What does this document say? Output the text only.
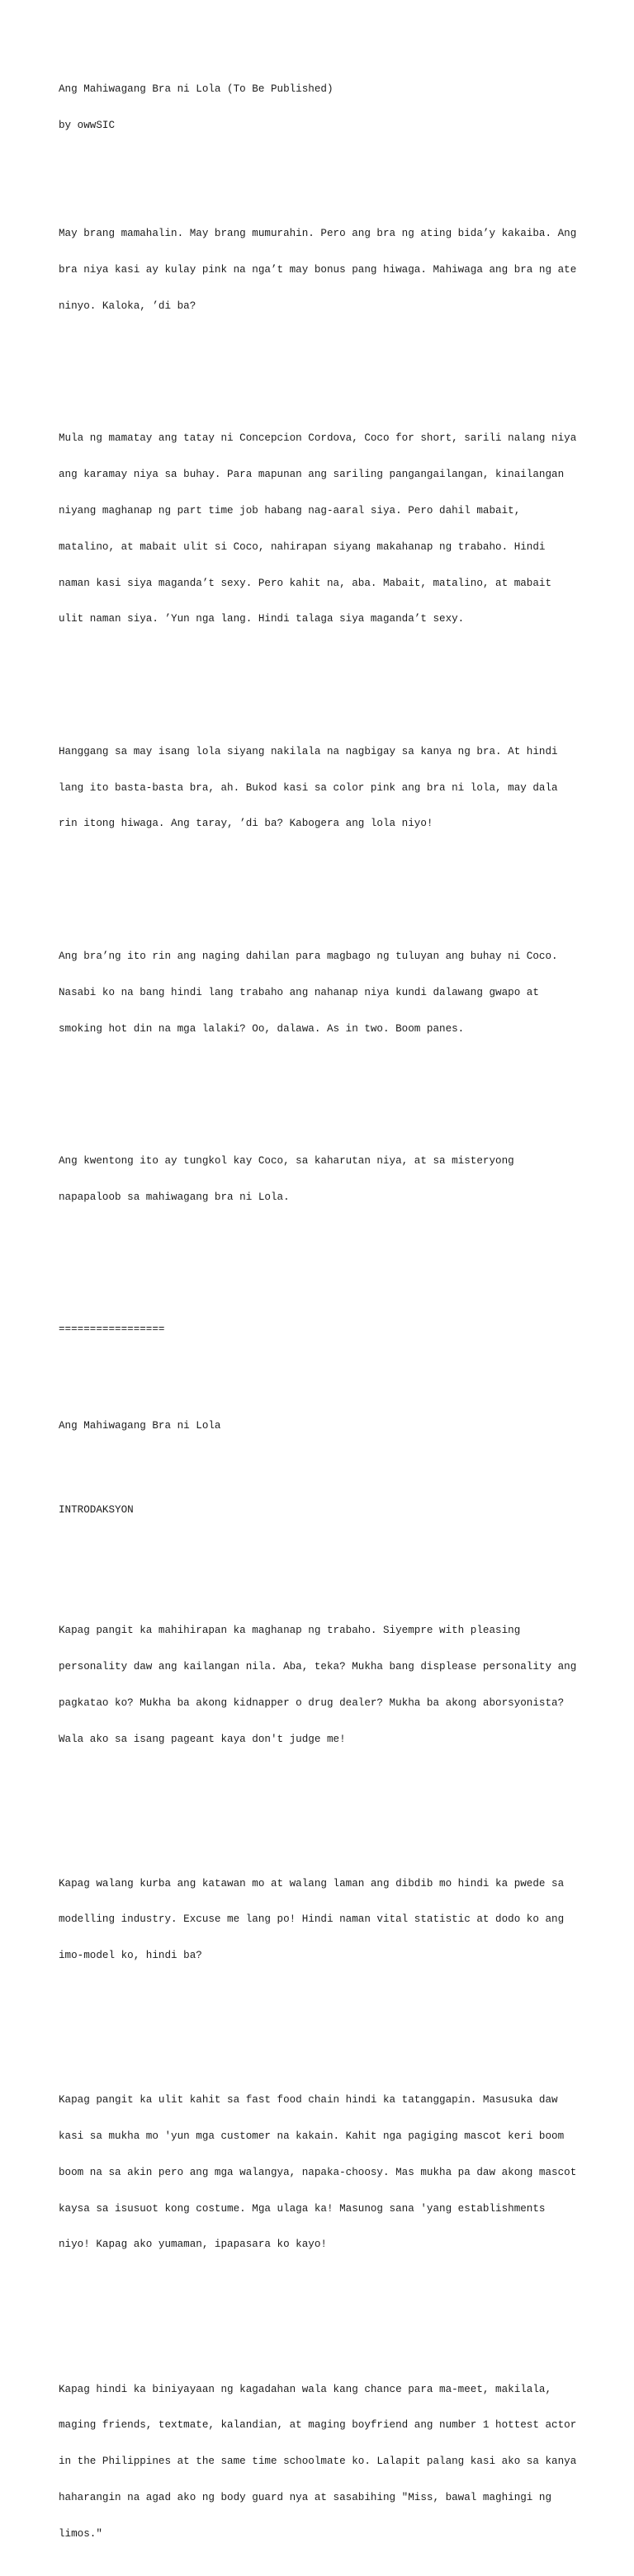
Ang Mahiwagang Bra ni Lola (To Be Published)

by owwSIC

May brang mamahalin. May brang mumurahin. Pero ang bra ng ating bida’y kakaiba. Ang

bra niya kasi ay kulay pink na nga’t may bonus pang hiwaga. Mahiwaga ang bra ng ate

ninyo. Kaloka, ’di ba?

Mula ng mamatay ang tatay ni Concepcion Cordova, Coco for short, sarili nalang niya

ang karamay niya sa buhay. Para mapunan ang sariling pangangailangan, kinailangan

niyang maghanap ng part time job habang nag-aaral siya. Pero dahil mabait,

matalino, at mabait ulit si Coco, nahirapan siyang makahanap ng trabaho. Hindi

naman kasi siya maganda’t sexy. Pero kahit na, aba. Mabait, matalino, at mabait

ulit naman siya. ’Yun nga lang. Hindi talaga siya maganda’t sexy.

Hanggang sa may isang lola siyang nakilala na nagbigay sa kanya ng bra. At hindi

lang ito basta-basta bra, ah. Bukod kasi sa color pink ang bra ni lola, may dala

rin itong hiwaga. Ang taray, ’di ba? Kabogera ang lola niyo!

Ang bra’ng ito rin ang naging dahilan para magbago ng tuluyan ang buhay ni Coco.

Nasabi ko na bang hindi lang trabaho ang nahanap niya kundi dalawang gwapo at

smoking hot din na mga lalaki? Oo, dalawa. As in two. Boom panes.

Ang kwentong ito ay tungkol kay Coco, sa kaharutan niya, at sa misteryong

napapaloob sa mahiwagang bra ni Lola.

=================

Ang Mahiwagang Bra ni Lola

INTRODAKSYON

Kapag pangit ka mahihirapan ka maghanap ng trabaho. Siyempre with pleasing

personality daw ang kailangan nila. Aba, teka? Mukha bang displease personality ang

pagkatao ko? Mukha ba akong kidnapper o drug dealer? Mukha ba akong aborsyonista?

Wala ako sa isang pageant kaya don't judge me!

Kapag walang kurba ang katawan mo at walang laman ang dibdib mo hindi ka pwede sa

modelling industry. Excuse me lang po! Hindi naman vital statistic at dodo ko ang

imo-model ko, hindi ba?

Kapag pangit ka ulit kahit sa fast food chain hindi ka tatanggapin. Masusuka daw

kasi sa mukha mo 'yun mga customer na kakain. Kahit nga pagiging mascot keri boom

boom na sa akin pero ang mga walangya, napaka-choosy. Mas mukha pa daw akong mascot

kaysa sa isusuot kong costume. Mga ulaga ka! Masunog sana 'yang establishments

niyo! Kapag ako yumaman, ipapasara ko kayo!

Kapag hindi ka biniyayaan ng kagadahan wala kang chance para ma-meet, makilala,

maging friends, textmate, kalandian, at maging boyfriend ang number 1 hottest actor

in the Philippines at the same time schoolmate ko. Lalapit palang kasi ako sa kanya

haharangin na agad ako ng body guard nya at sasabihing "Miss, bawal maghingi ng

limos."
